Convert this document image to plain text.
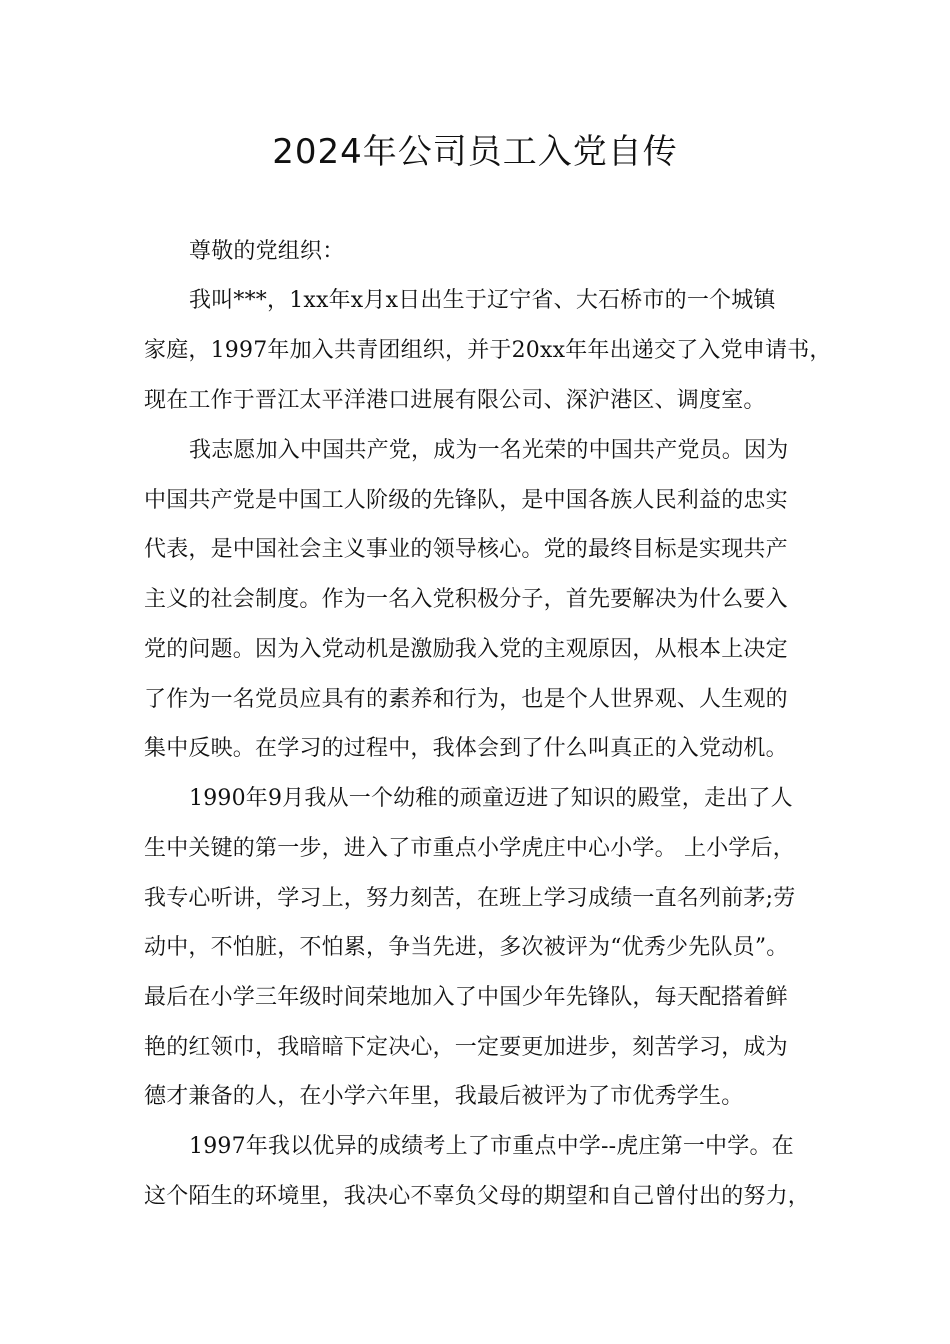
2024年公司员工入党自传

尊敬的党组织：

我叫***，1xx年x月x日出生于辽宁省、大石桥市的一个城镇

家庭，1997年加入共青团组织，并于20xx年年出递交了入党申请书，

现在工作于晋江太平洋港口进展有限公司、深沪港区、调度室。

我志愿加入中国共产党，成为一名光荣的中国共产党员。因为

中国共产党是中国工人阶级的先锋队，是中国各族人民利益的忠实

代表，是中国社会主义事业的领导核心。党的最终目标是实现共产

主义的社会制度。作为一名入党积极分子，首先要解决为什么要入

党的问题。因为入党动机是激励我入党的主观原因，从根本上决定

了作为一名党员应具有的素养和行为，也是个人世界观、人生观的

集中反映。在学习的过程中，我体会到了什么叫真正的入党动机。

1990年9月我从一个幼稚的顽童迈进了知识的殿堂，走出了人

生中关键的第一步，进入了市重点小学虎庄中心小学。 上小学后，

我专心听讲，学习上，努力刻苦，在班上学习成绩一直名列前茅;劳

动中，不怕脏，不怕累，争当先进，多次被评为“优秀少先队员”。

最后在小学三年级时间荣地加入了中国少年先锋队，每天配搭着鲜

艳的红领巾，我暗暗下定决心，一定要更加进步，刻苦学习，成为

德才兼备的人，在小学六年里，我最后被评为了市优秀学生。

1997年我以优异的成绩考上了市重点中学--虎庄第一中学。在

这个陌生的环境里，我决心不辜负父母的期望和自己曾付出的努力，
